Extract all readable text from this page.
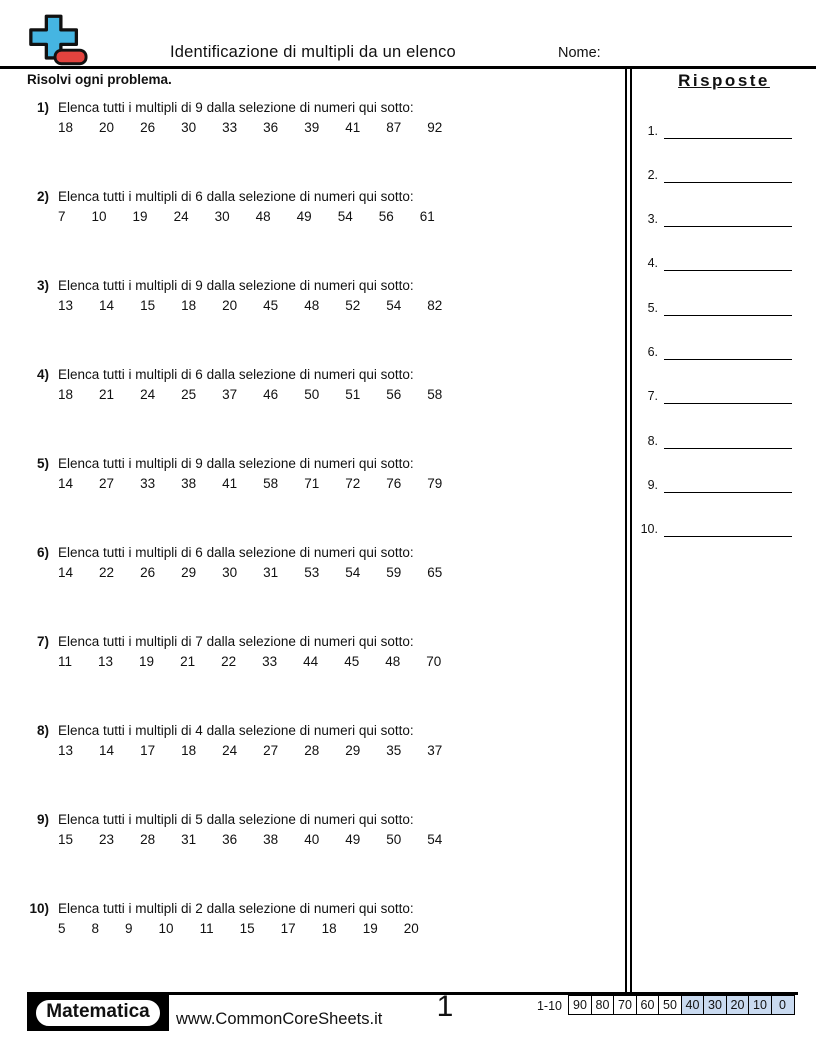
Identificazione di multipli da un elenco	Nome:
Risolvi ogni problema.	Risposte
1.
2.
3.
4.
5.
6.
7.
8.
9.
10.
1) Elenca tutti i multipli di 9 dalla selezione di numeri qui sotto:
18 20 26 30 33 36 39 41 87 92
2) Elenca tutti i multipli di 6 dalla selezione di numeri qui sotto:
7 10 19 24 30 48 49 54 56 61
3) Elenca tutti i multipli di 9 dalla selezione di numeri qui sotto:
13 14 15 18 20 45 48 52 54 82
4) Elenca tutti i multipli di 6 dalla selezione di numeri qui sotto:
18 21 24 25 37 46 50 51 56 58
5) Elenca tutti i multipli di 9 dalla selezione di numeri qui sotto:
14 27 33 38 41 58 71 72 76 79
6) Elenca tutti i multipli di 6 dalla selezione di numeri qui sotto:
14 22 26 29 30 31 53 54 59 65
7) Elenca tutti i multipli di 7 dalla selezione di numeri qui sotto:
11 13 19 21 22 33 44 45 48 70
8) Elenca tutti i multipli di 4 dalla selezione di numeri qui sotto:
13 14 17 18 24 27 28 29 35 37
9) Elenca tutti i multipli di 5 dalla selezione di numeri qui sotto:
15 23 28 31 36 38 40 49 50 54
10) Elenca tutti i multipli di 2 dalla selezione di numeri qui sotto:
5 8 9 10 11 15 17 18 19 20
Matematica	www.CommonCoreSheets.it	1	1-10 90 80 70 60 50 40 30 20 10 0
